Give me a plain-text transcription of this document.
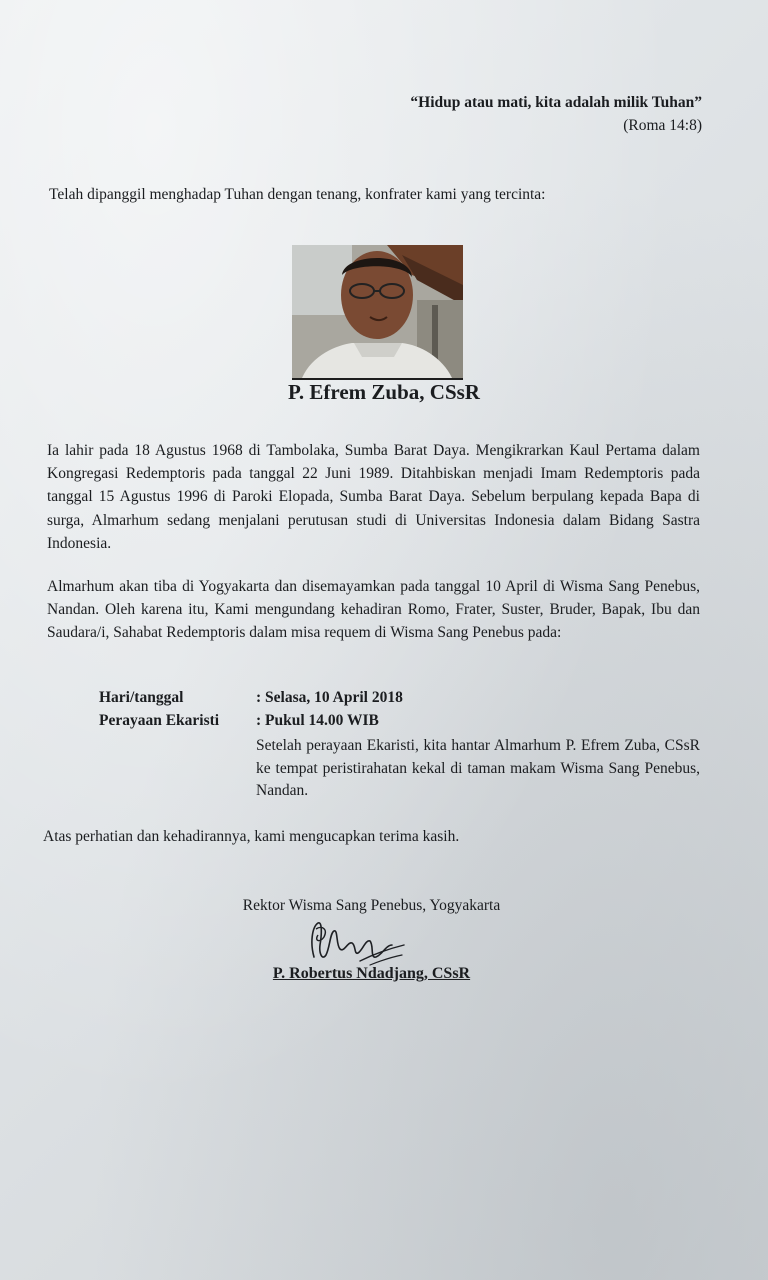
“Hidup atau mati, kita adalah milik Tuhan”
(Roma 14:8)
Telah dipanggil menghadap Tuhan dengan tenang, konfrater kami yang tercinta:
P. Efrem Zuba, CSsR
Ia lahir pada 18 Agustus 1968 di Tambolaka, Sumba Barat Daya. Mengikrarkan Kaul Pertama dalam Kongregasi Redemptoris pada tanggal 22 Juni 1989. Ditahbiskan menjadi Imam Redemptoris pada tanggal 15 Agustus 1996 di Paroki Elopada, Sumba Barat Daya. Sebelum berpulang kepada Bapa di surga, Almarhum sedang menjalani perutusan studi di Universitas Indonesia dalam Bidang Sastra Indonesia.
Almarhum akan tiba di Yogyakarta dan disemayamkan pada tanggal 10 April di Wisma Sang Penebus, Nandan. Oleh karena itu, Kami mengundang kehadiran Romo, Frater, Suster, Bruder, Bapak, Ibu dan Saudara/i, Sahabat Redemptoris dalam misa requem di Wisma Sang Penebus pada:
Hari/tanggal	: Selasa, 10 April 2018
Perayaan Ekaristi : Pukul 14.00 WIB
Setelah perayaan Ekaristi, kita hantar Almarhum P. Efrem Zuba, CSsR ke tempat peristirahatan kekal di taman makam Wisma Sang Penebus, Nandan.
Atas perhatian dan kehadirannya, kami mengucapkan terima kasih.
Rektor Wisma Sang Penebus, Yogyakarta
P. Robertus Ndadjang, CSsR
